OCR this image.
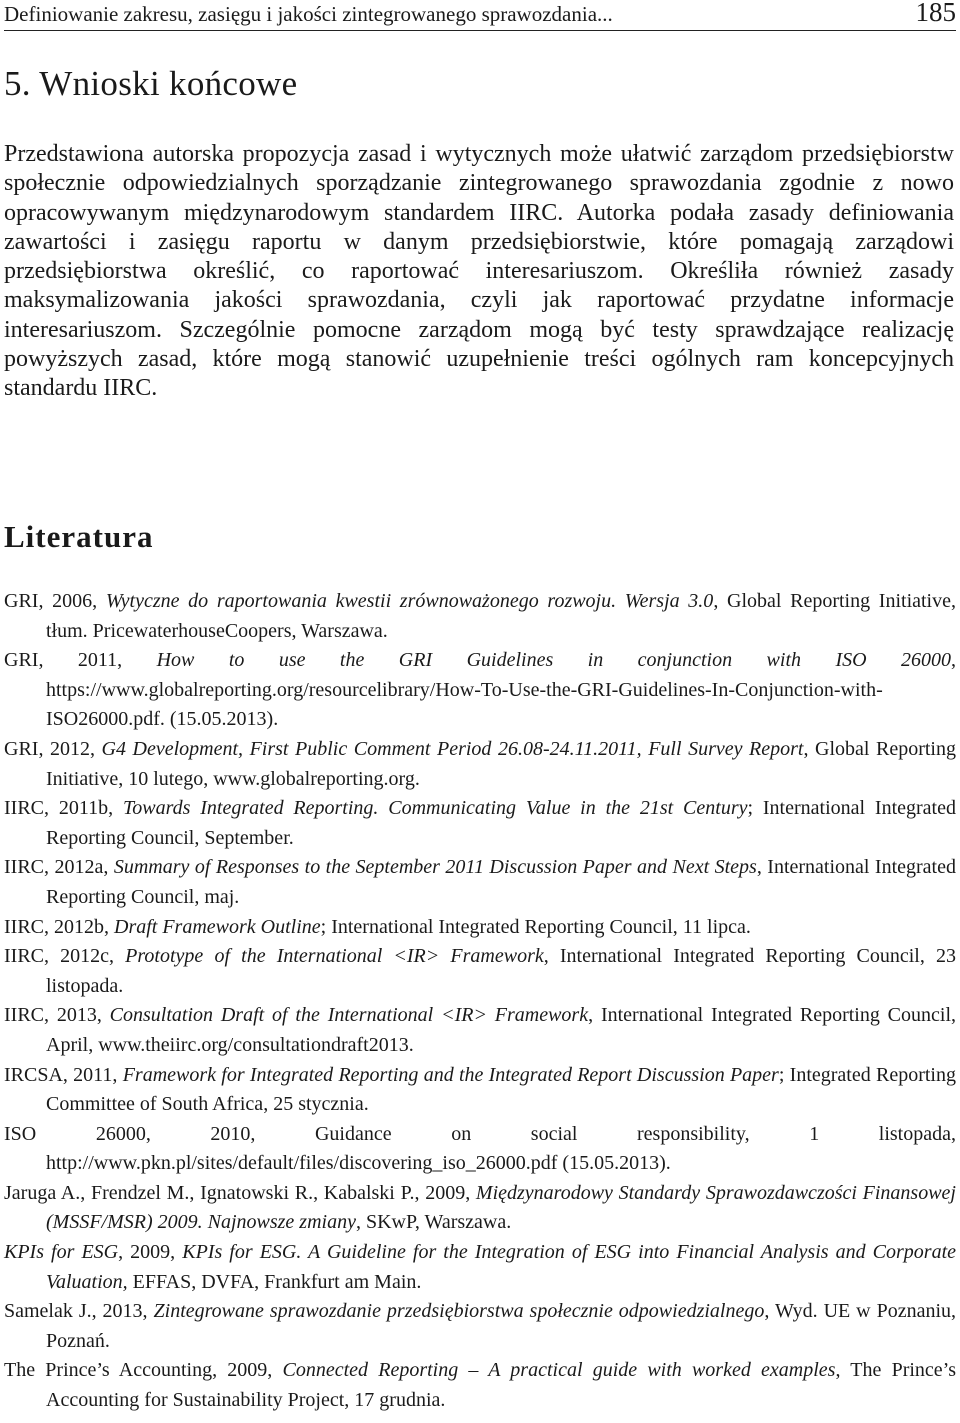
Definiowanie zakresu, zasięgu i jakości zintegrowanego sprawozdania...	185
5. Wnioski końcowe

Przedstawiona autorska propozycja zasad i wytycznych może ułatwić zarządom przedsiębiorstw społecznie odpowiedzialnych sporządzanie zintegrowanego sprawozdania zgodnie z nowo opracowywanym międzynarodowym standardem IIRC. Autorka podała zasady definiowania zawartości i zasięgu raportu w danym przedsiębiorstwie, które pomagają zarządowi przedsiębiorstwa określić, co raportować interesariuszom. Określiła również zasady maksymalizowania jakości sprawozdania, czyli jak raportować przydatne informacje interesariuszom. Szczególnie pomocne zarządom mogą być testy sprawdzające realizację powyższych zasad, które mogą stanowić uzupełnienie treści ogólnych ram koncepcyjnych standardu IIRC.

Literatura
GRI, 2006, Wytyczne do raportowania kwestii zrównoważonego rozwoju. Wersja 3.0, Global Reporting Initiative, tłum. PricewaterhouseCoopers, Warszawa.
GRI, 2011, How to use the GRI Guidelines in conjunction with ISO 26000, https://www.globalreporting.org/resourcelibrary/How-To-Use-the-GRI-Guidelines-In-Conjunction-with-ISO26000.pdf. (15.05.2013).
GRI, 2012, G4 Development, First Public Comment Period 26.08-24.11.2011, Full Survey Report, Global Reporting Initiative, 10 lutego, www.globalreporting.org.
IIRC, 2011b, Towards Integrated Reporting. Communicating Value in the 21st Century; International Integrated Reporting Council, September.
IIRC, 2012a, Summary of Responses to the September 2011 Discussion Paper and Next Steps, International Integrated Reporting Council, maj.
IIRC, 2012b, Draft Framework Outline; International Integrated Reporting Council, 11 lipca.
IIRC, 2012c, Prototype of the International <IR> Framework, International Integrated Reporting Council, 23 listopada.
IIRC, 2013, Consultation Draft of the International <IR> Framework, International Integrated Reporting Council, April, www.theiirc.org/consultationdraft2013.
IRCSA, 2011, Framework for Integrated Reporting and the Integrated Report Discussion Paper; Integrated Reporting Committee of South Africa, 25 stycznia.
ISO 26000, 2010, Guidance on social responsibility, 1 listopada, http://www.pkn.pl/sites/default/files/discovering_iso_26000.pdf (15.05.2013).
Jaruga A., Frendzel M., Ignatowski R., Kabalski P., 2009, Międzynarodowy Standardy Sprawozdawczości Finansowej (MSSF/MSR) 2009. Najnowsze zmiany, SKwP, Warszawa.
KPIs for ESG, 2009, KPIs for ESG. A Guideline for the Integration of ESG into Financial Analysis and Corporate Valuation, EFFAS, DVFA, Frankfurt am Main.
Samelak J., 2013, Zintegrowane sprawozdanie przedsiębiorstwa społecznie odpowiedzialnego, Wyd. UE w Poznaniu, Poznań.
The Prince’s Accounting, 2009, Connected Reporting – A practical guide with worked examples, The Prince’s Accounting for Sustainability Project, 17 grudnia.
